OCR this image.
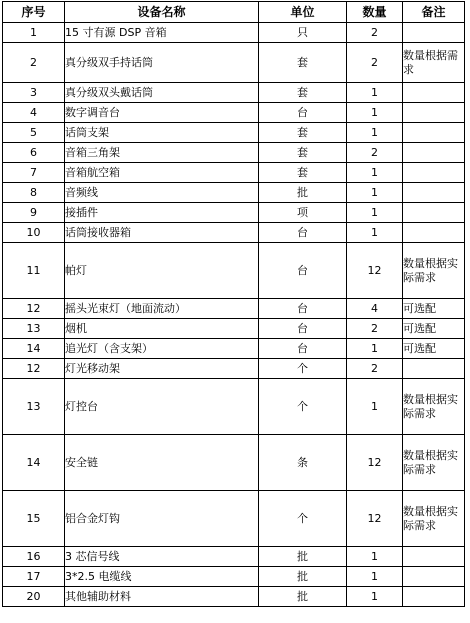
序号	设备名称	单位	数量	备注
1	15 寸有源 DSP 音箱	只	2	
2	真分级双手持话筒	套	2	数量根据需求
3	真分级双头戴话筒	套	1	
4	数字调音台	台	1	
5	话筒支架	套	1	
6	音箱三角架	套	2	
7	音箱航空箱	套	1	
8	音频线	批	1	
9	接插件	项	1	
10	话筒接收器箱	台	1	
11	帕灯	台	12	数量根据实际需求
12	摇头光束灯（地面流动）	台	4	可选配
13	烟机	台	2	可选配
14	追光灯（含支架）	台	1	可选配
12	灯光移动架	个	2	
13	灯控台	个	1	数量根据实际需求
14	安全链	条	12	数量根据实际需求
15	铝合金灯钩	个	12	数量根据实际需求
16	3 芯信号线	批	1	
17	3*2.5 电缆线	批	1	
20	其他辅助材料	批	1	
